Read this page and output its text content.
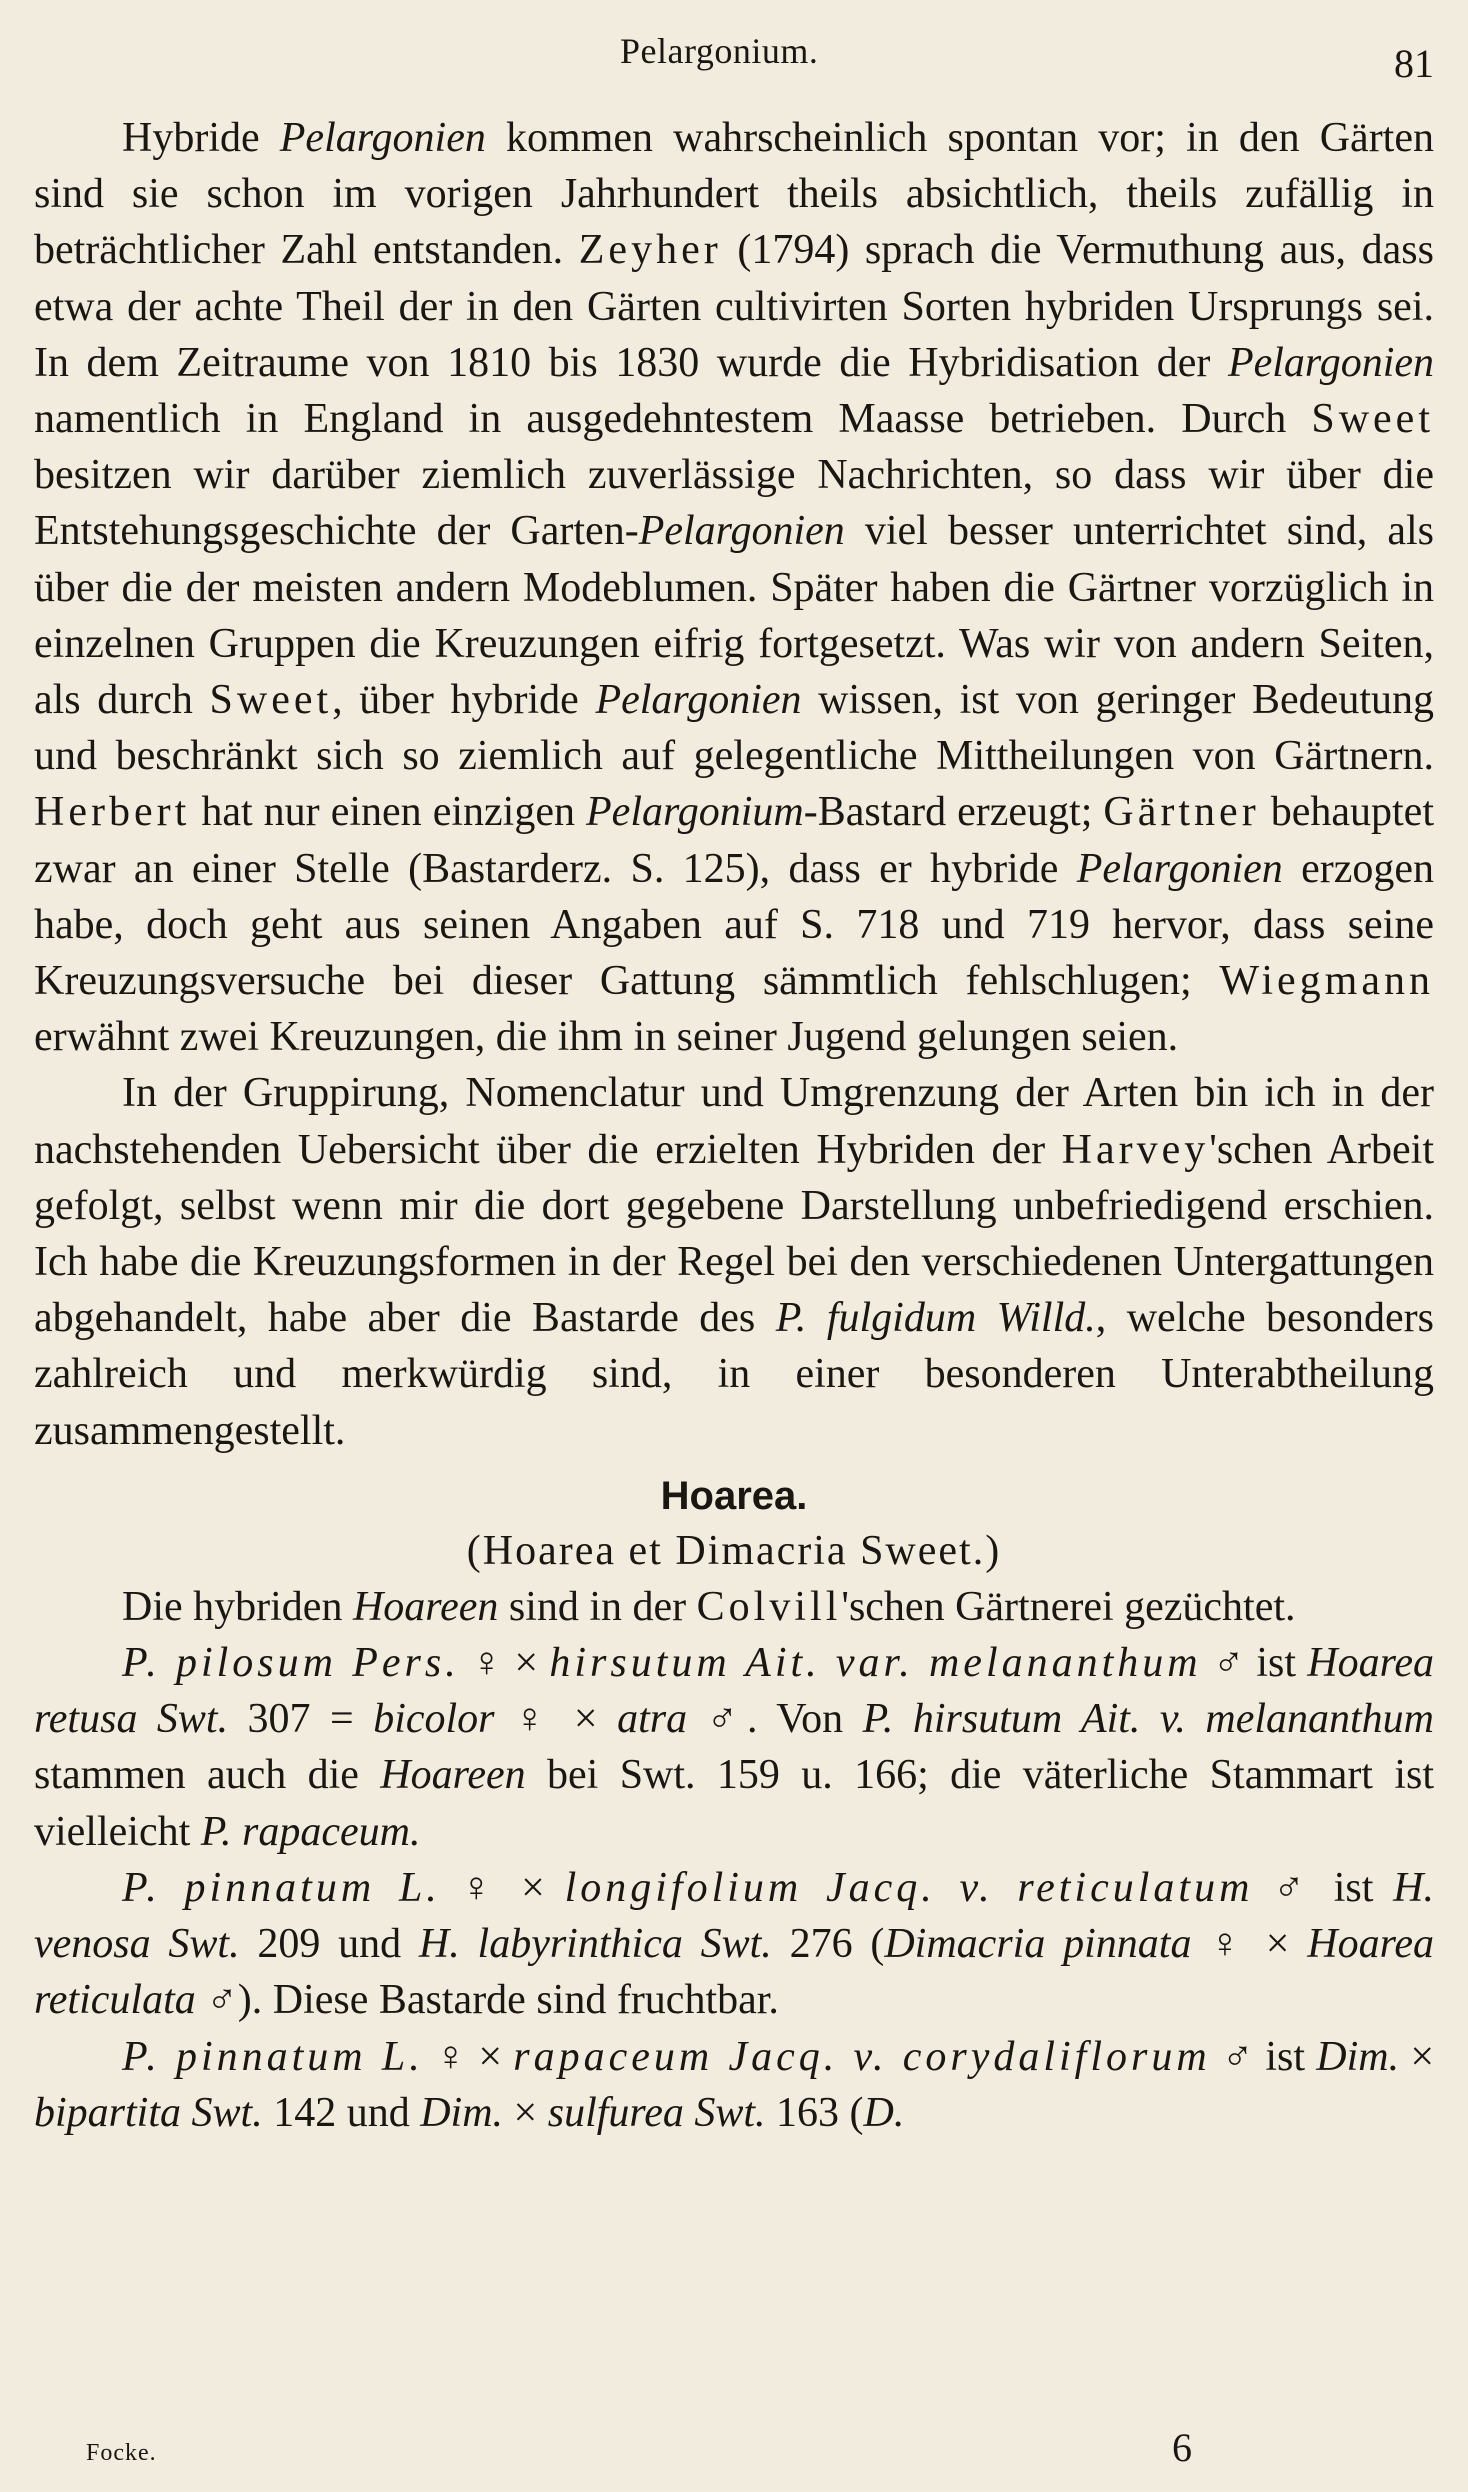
Pelargonium.	81

Hybride Pelargonien kommen wahrscheinlich spontan vor; in den Gärten sind sie schon im vorigen Jahrhundert theils absichtlich, theils zufällig in beträchtlicher Zahl entstanden. Zeyher (1794) sprach die Vermuthung aus, dass etwa der achte Theil der in den Gärten cultivirten Sorten hybriden Ursprungs sei. In dem Zeitraume von 1810 bis 1830 wurde die Hybridisation der Pelargonien namentlich in England in ausgedehntestem Maasse betrieben. Durch Sweet besitzen wir darüber ziemlich zuverlässige Nachrichten, so dass wir über die Entstehungsgeschichte der Garten-Pelargonien viel besser unterrichtet sind, als über die der meisten andern Modeblumen. Später haben die Gärtner vorzüglich in einzelnen Gruppen die Kreuzungen eifrig fortgesetzt. Was wir von andern Seiten, als durch Sweet, über hybride Pelargonien wissen, ist von geringer Bedeutung und beschränkt sich so ziemlich auf gelegentliche Mittheilungen von Gärtnern. Herbert hat nur einen einzigen Pelargonium-Bastard erzeugt; Gärtner behauptet zwar an einer Stelle (Bastarderz. S. 125), dass er hybride Pelargonien erzogen habe, doch geht aus seinen Angaben auf S. 718 und 719 hervor, dass seine Kreuzungsversuche bei dieser Gattung sämmtlich fehlschlugen; Wiegmann erwähnt zwei Kreuzungen, die ihm in seiner Jugend gelungen seien.

In der Gruppirung, Nomenclatur und Umgrenzung der Arten bin ich in der nachstehenden Uebersicht über die erzielten Hybriden der Harvey'schen Arbeit gefolgt, selbst wenn mir die dort gegebene Darstellung unbefriedigend erschien. Ich habe die Kreuzungsformen in der Regel bei den verschiedenen Untergattungen abgehandelt, habe aber die Bastarde des P. fulgidum Willd., welche besonders zahlreich und merkwürdig sind, in einer besonderen Unterabtheilung zusammengestellt.

Hoarea.

(Hoarea et Dimacria Sweet.)

Die hybriden Hoareen sind in der Colvill'schen Gärtnerei gezüchtet.

P. pilosum Pers. ♀ × hirsutum Ait. var. melananthum ♂ ist Hoarea retusa Swt. 307 = bicolor ♀ × atra ♂. Von P. hirsutum Ait. v. melananthum stammen auch die Hoareen bei Swt. 159 u. 166; die väterliche Stammart ist vielleicht P. rapaceum.

P. pinnatum L. ♀ × longifolium Jacq. v. reticulatum ♂ ist H. venosa Swt. 209 und H. labyrinthica Swt. 276 (Dimacria pinnata ♀ × Hoarea reticulata ♂). Diese Bastarde sind fruchtbar.

P. pinnatum L. ♀ × rapaceum Jacq. v. corydaliflorum ♂ ist Dim. × bipartita Swt. 142 und Dim. × sulfurea Swt. 163 (D.

Focke.	6
